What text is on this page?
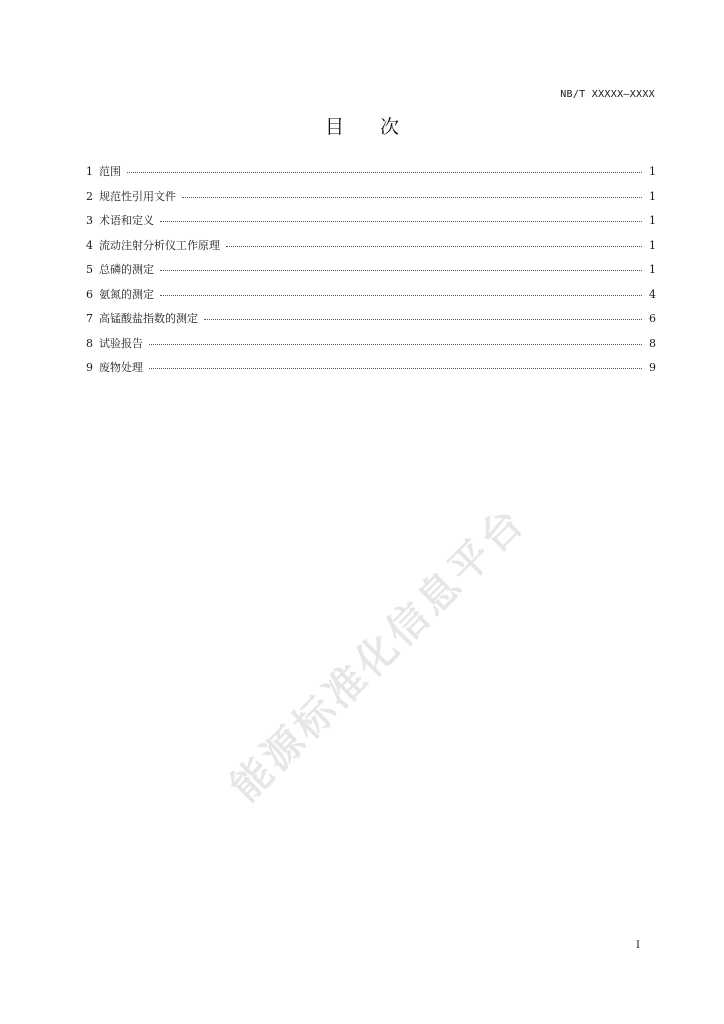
NB/T XXXXX—XXXX
目次
1 范围	1
2 规范性引用文件	1
3 术语和定义	1
4 流动注射分析仪工作原理	1
5 总磷的测定	1
6 氨氮的测定	4
7 高锰酸盐指数的测定	6
8 试验报告	8
9 废物处理	9
能源标准化信息平台
I
